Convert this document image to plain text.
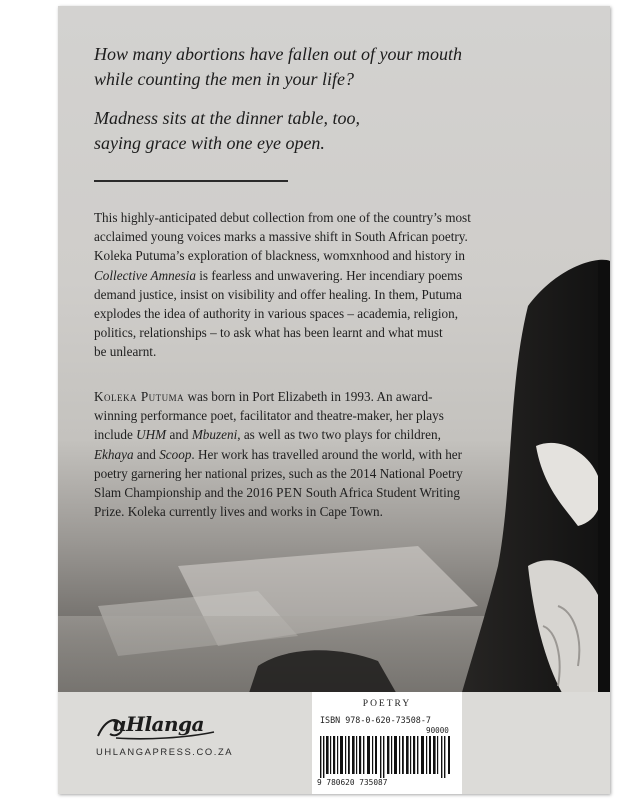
How many abortions have fallen out of your mouth
while counting the men in your life?

Madness sits at the dinner table, too,
saying grace with one eye open.

This highly-anticipated debut collection from one of the country’s most
acclaimed young voices marks a massive shift in South African poetry.
Koleka Putuma’s exploration of blackness, womxnhood and history in
Collective Amnesia is fearless and unwavering. Her incendiary poems
demand justice, insist on visibility and offer healing. In them, Putuma
explodes the idea of authority in various spaces – academia, religion,
politics, relationships – to ask what has been learnt and what must
be unlearnt.

Koleka Putuma was born in Port Elizabeth in 1993. An award-
winning performance poet, facilitator and theatre-maker, her plays
include UHM and Mbuzeni, as well as two two plays for children,
Ekhaya and Scoop. Her work has travelled around the world, with her
poetry garnering her national prizes, such as the 2014 National Poetry
Slam Championship and the 2016 PEN South Africa Student Writing
Prize. Koleka currently lives and works in Cape Town.

uHlanga
UHLANGAPRESS.CO.ZA
POETRY
ISBN 978-0-620-73508-7
90000
9 780620 735087
